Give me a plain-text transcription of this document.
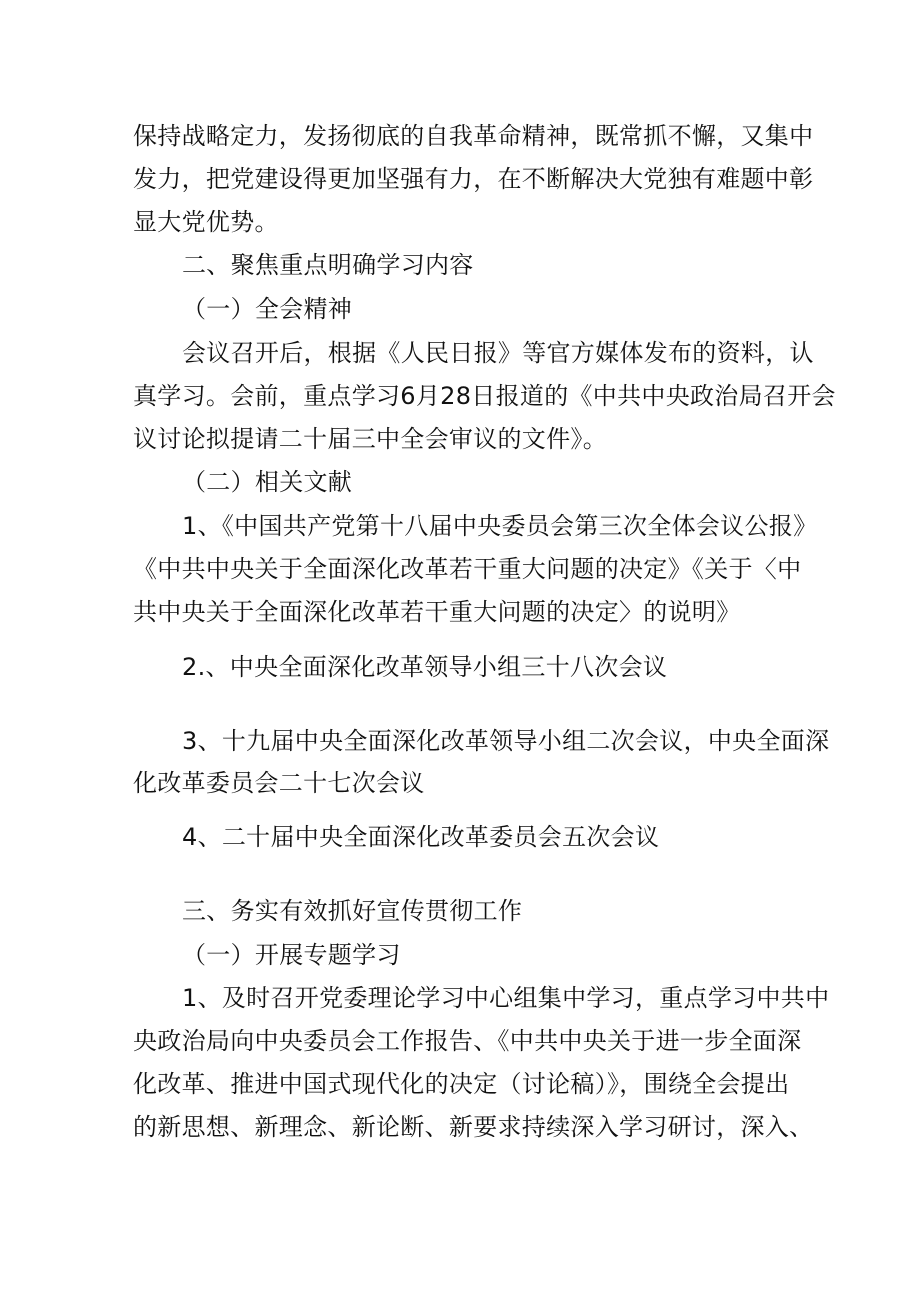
保持战略定力，发扬彻底的自我革命精神，既常抓不懈，又集中

发力，把党建设得更加坚强有力，在不断解决大党独有难题中彰

显大党优势。

二、聚焦重点明确学习内容

（一）全会精神

会议召开后，根据《人民日报》等官方媒体发布的资料，认

真学习。会前，重点学习6月28日报道的《中共中央政治局召开会

议讨论拟提请二十届三中全会审议的文件》。

（二）相关文献

1、《中国共产党第十八届中央委员会第三次全体会议公报》

《中共中央关于全面深化改革若干重大问题的决定》《关于〈中

共中央关于全面深化改革若干重大问题的决定〉的说明》

2.、中央全面深化改革领导小组三十八次会议

3、十九届中央全面深化改革领导小组二次会议，中央全面深

化改革委员会二十七次会议

4、二十届中央全面深化改革委员会五次会议

三、务实有效抓好宣传贯彻工作

（一）开展专题学习

1、及时召开党委理论学习中心组集中学习，重点学习中共中

央政治局向中央委员会工作报告、《中共中央关于进一步全面深

化改革、推进中国式现代化的决定（讨论稿）》，围绕全会提出

的新思想、新理念、新论断、新要求持续深入学习研讨，深入、
